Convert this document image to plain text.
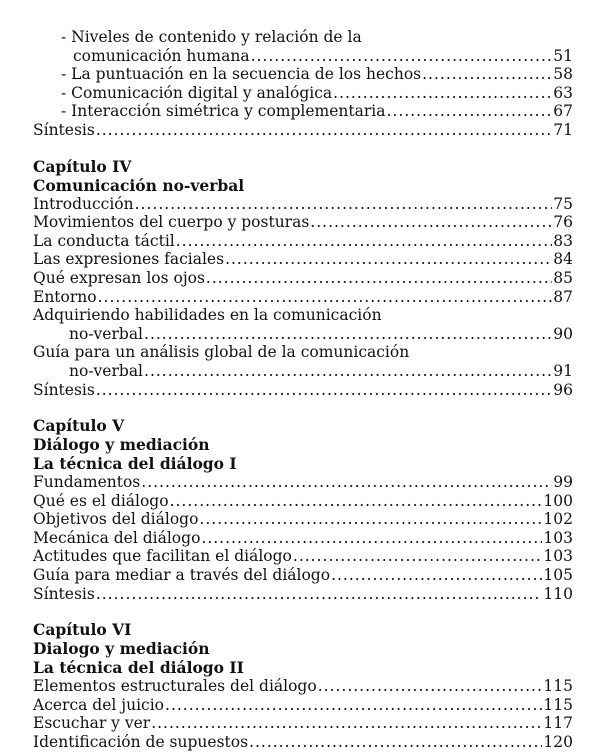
- Niveles de contenido y relación de la
comunicación humana .....	51
- La puntuación en la secuencia de los hechos .....	58
- Comunicación digital y analógica .....	63
- Interacción simétrica y complementaria .....	67
Síntesis .....	71
Capítulo IV
Comunicación no-verbal
Introducción .....	75
Movimientos del cuerpo y posturas .....	76
La conducta táctil .....	83
Las expresiones faciales .....	84
Qué expresan los ojos .....	85
Entorno .....	87
Adquiriendo habilidades en la comunicación
no-verbal .....	90
Guía para un análisis global de la comunicación
no-verbal .....	91
Síntesis .....	96
Capítulo V
Diálogo y mediación
La técnica del diálogo I
Fundamentos .....	99
Qué es el diálogo .....	100
Objetivos del diálogo .....	102
Mecánica del diálogo .....	103
Actitudes que facilitan el diálogo .....	103
Guía para mediar a través del diálogo .....	105
Síntesis .....	110
Capítulo VI
Dialogo y mediación
La técnica del diálogo II
Elementos estructurales del diálogo .....	115
Acerca del juicio .....	115
Escuchar y ver .....	117
Identificación de supuestos .....	120
